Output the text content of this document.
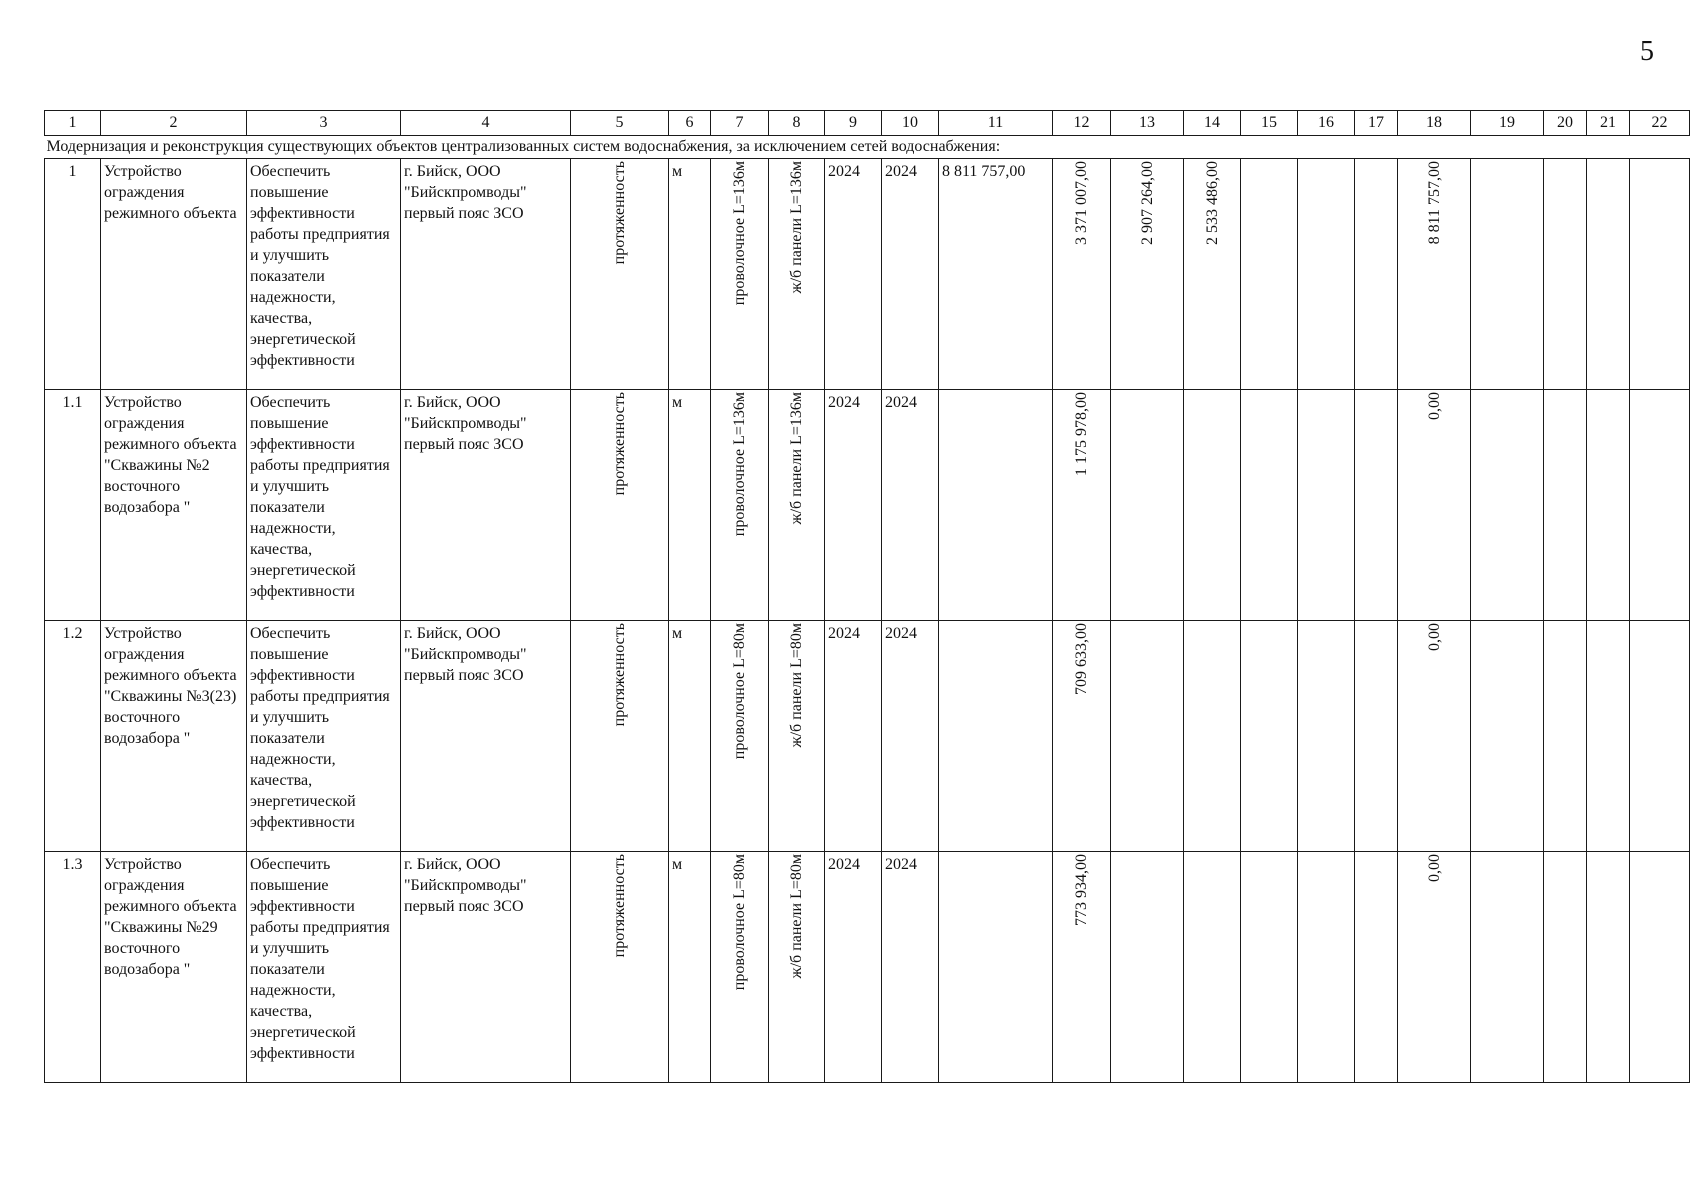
5
1	2	3	4	5	6	7	8	9	10	11	12	13	14	15	16	17	18	19	20	21	22
Модернизация и реконструкция существующих объектов централизованных систем водоснабжения, за исключением сетей водоснабжения:																					
1	Устройство ограждения режимного объекта	Обеспечить повышение эффективности работы предприятия и улучшить показатели надежности, качества, энергетической эффективности	г. Бийск, ООО "Бийскпромводы" первый пояс ЗСО	протяженность	м	проволочное L=136м	ж/б панели L=136м	2024	2024	8 811 757,00	3 371 007,00	2 907 264,00	2 533 486,00				8 811 757,00				

1.1	Устройство ограждения режимного объекта "Скважины №2 восточного водозабора "	Обеспечить повышение эффективности работы предприятия и улучшить показатели надежности, качества, энергетической эффективности	г. Бийск, ООО "Бийскпромводы" первый пояс ЗСО	протяженность	м	проволочное L=136м	ж/б панели L=136м	2024	2024		1 175 978,00						0,00				

1.2	Устройство ограждения режимного объекта "Скважины №3(23) восточного водозабора "	Обеспечить повышение эффективности работы предприятия и улучшить показатели надежности, качества, энергетической эффективности	г. Бийск, ООО "Бийскпромводы" первый пояс ЗСО	протяженность	м	проволочное L=80м	ж/б панели L=80м	2024	2024		709 633,00						0,00				

1.3	Устройство ограждения режимного объекта "Скважины №29 восточного водозабора "	Обеспечить повышение эффективности работы предприятия и улучшить показатели надежности, качества, энергетической эффективности	г. Бийск, ООО "Бийскпромводы" первый пояс ЗСО	протяженность	м	проволочное L=80м	ж/б панели L=80м	2024	2024		773 934,00						0,00				
